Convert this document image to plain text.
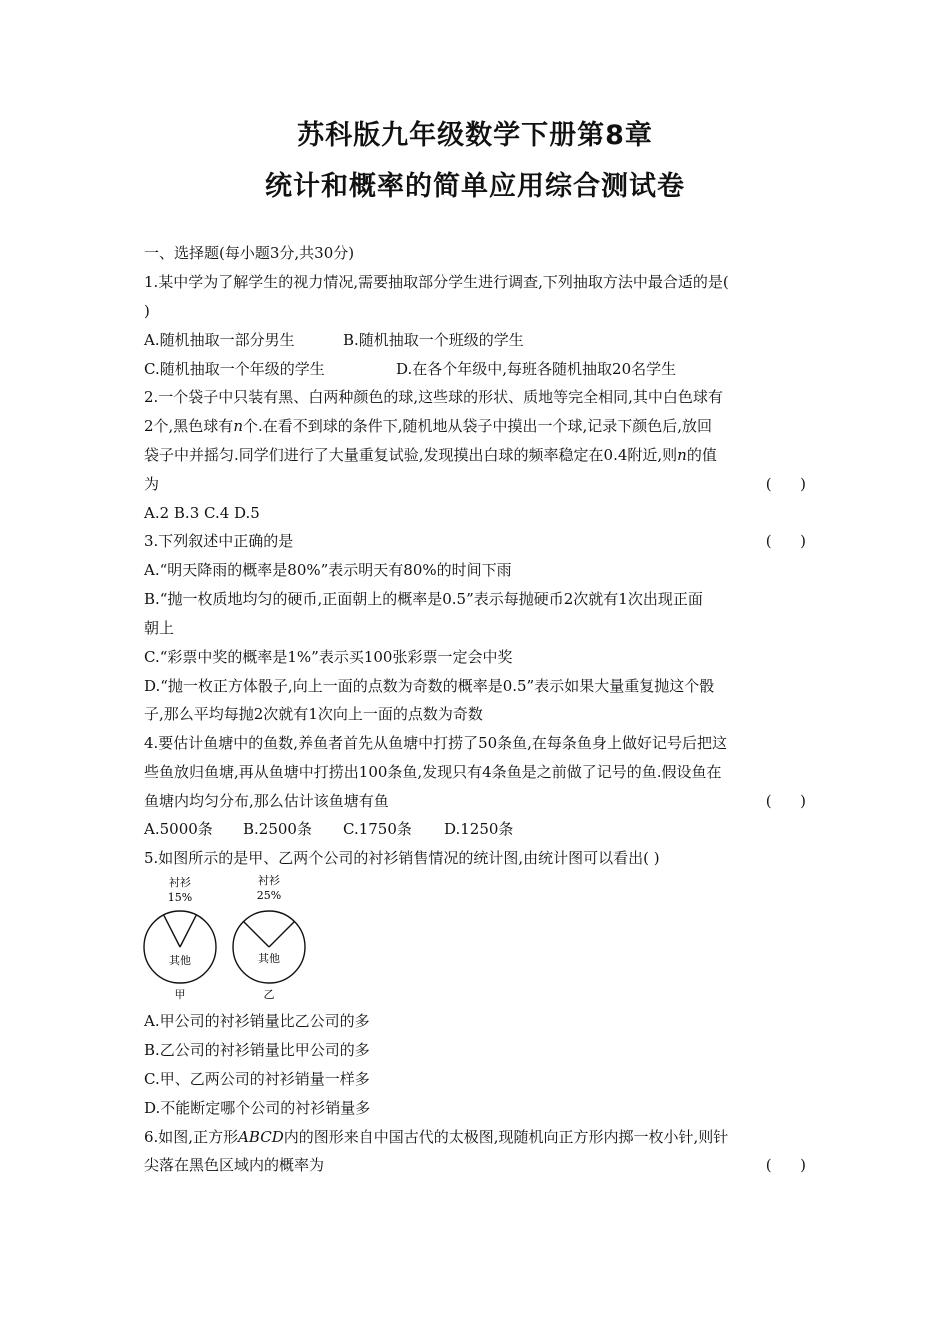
苏科版九年级数学下册第8章
统计和概率的简单应用综合测试卷
一、选择题(每小题3分,共30分)
1.某中学为了解学生的视力情况,需要抽取部分学生进行调查,下列抽取方法中最合适的是(
)
A.随机抽取一部分男生	B.随机抽取一个班级的学生
C.随机抽取一个年级的学生	D.在各个年级中,每班各随机抽取20名学生
2.一个袋子中只装有黑、白两种颜色的球,这些球的形状、质地等完全相同,其中白色球有
2个,黑色球有n个.在看不到球的条件下,随机地从袋子中摸出一个球,记录下颜色后,放回
袋子中并摇匀.同学们进行了大量重复试验,发现摸出白球的频率稳定在0.4附近,则n的值
为	(      )
A.2 B.3 C.4 D.5
3.下列叙述中正确的是	(      )
A.“明天降雨的概率是80%”表示明天有80%的时间下雨
B.“抛一枚质地均匀的硬币,正面朝上的概率是0.5”表示每抛硬币2次就有1次出现正面
朝上
C.“彩票中奖的概率是1%”表示买100张彩票一定会中奖
D.“抛一枚正方体骰子,向上一面的点数为奇数的概率是0.5”表示如果大量重复抛这个骰
子,那么平均每抛2次就有1次向上一面的点数为奇数
4.要估计鱼塘中的鱼数,养鱼者首先从鱼塘中打捞了50条鱼,在每条鱼身上做好记号后把这
些鱼放归鱼塘,再从鱼塘中打捞出100条鱼,发现只有4条鱼是之前做了记号的鱼.假设鱼在
鱼塘内均匀分布,那么估计该鱼塘有鱼	(      )
A.5000条 B.2500条 C.1750条 D.1250条
5.如图所示的是甲、乙两个公司的衬衫销售情况的统计图,由统计图可以看出( )
衬衫
15%
其他
甲
衬衫
25%
其他
乙
A.甲公司的衬衫销量比乙公司的多
B.乙公司的衬衫销量比甲公司的多
C.甲、乙两公司的衬衫销量一样多
D.不能断定哪个公司的衬衫销量多
6.如图,正方形ABCD内的图形来自中国古代的太极图,现随机向正方形内掷一枚小针,则针
尖落在黑色区域内的概率为	(      )
